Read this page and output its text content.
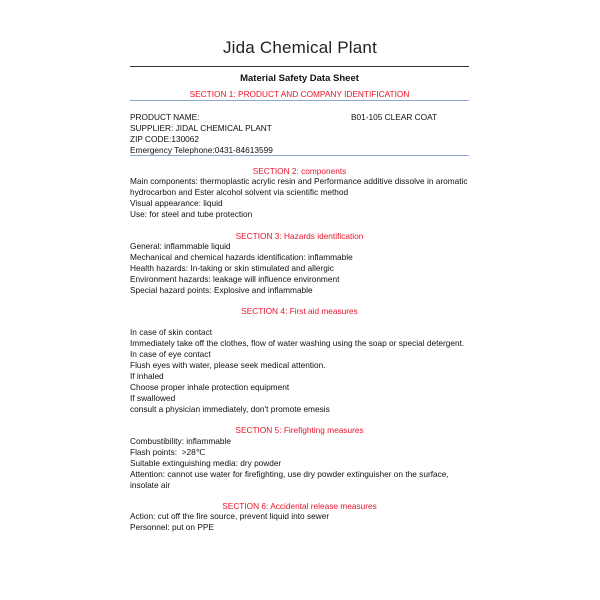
Jida Chemical Plant
Material Safety Data Sheet
SECTION 1: PRODUCT AND COMPANY IDENTIFICATION
PRODUCT NAME:	B01-105 CLEAR COAT
SUPPLIER: JIDAL CHEMICAL PLANT
ZIP CODE:130062
Emergency Telephone:0431-84613599
SECTION 2: components
Main components: thermoplastic acrylic resin and Performance additive dissolve in aromatic
hydrocarbon and Ester alcohol solvent via scientific method
Visual appearance: liquid
Use: for steel and tube protection
SECTION 3: Hazards identification
General: inflammable liquid
Mechanical and chemical hazards identification: inflammable
Health hazards: In-taking or skin stimulated and allergic
Environment hazards: leakage will influence environment
Special hazard points: Explosive and inflammable
SECTION 4: First aid measures
In case of skin contact
Immediately take off the clothes, flow of water washing using the soap or special detergent.
In case of eye contact
Flush eyes with water, please seek medical attention.
If inhaled
Choose proper inhale protection equipment
If swallowed
consult a physician immediately, don't promote emesis
SECTION 5: Firefighting measures
Combustibility: inflammable
Flash points:  >28℃
Suitable extinguishing media: dry powder
Attention: cannot use water for firefighting, use dry powder extinguisher on the surface,
insolate air
SECTION 6: Accidental release measures
Action: cut off the fire source, prevent liquid into sewer
Personnel: put on PPE
